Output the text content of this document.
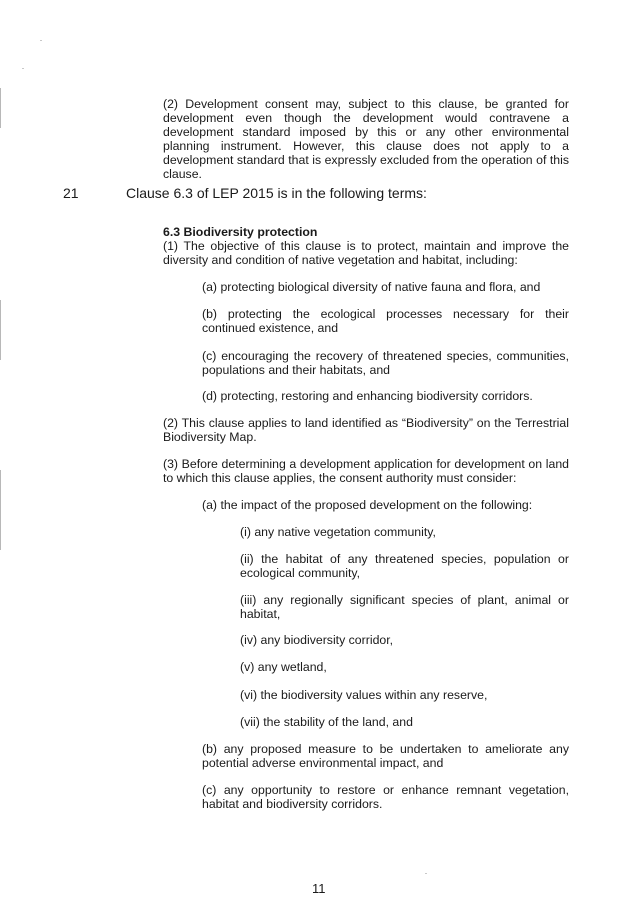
(2) Development consent may, subject to this clause, be granted for development even though the development would contravene a development standard imposed by this or any other environmental planning instrument. However, this clause does not apply to a development standard that is expressly excluded from the operation of this clause.

21	Clause 6.3 of LEP 2015 is in the following terms:

6.3 Biodiversity protection

(1) The objective of this clause is to protect, maintain and improve the diversity and condition of native vegetation and habitat, including:

(a) protecting biological diversity of native fauna and flora, and

(b) protecting the ecological processes necessary for their continued existence, and

(c) encouraging the recovery of threatened species, communities, populations and their habitats, and

(d) protecting, restoring and enhancing biodiversity corridors.

(2) This clause applies to land identified as “Biodiversity” on the Terrestrial Biodiversity Map.

(3) Before determining a development application for development on land to which this clause applies, the consent authority must consider:

(a) the impact of the proposed development on the following:

(i) any native vegetation community,

(ii) the habitat of any threatened species, population or ecological community,

(iii) any regionally significant species of plant, animal or habitat,

(iv) any biodiversity corridor,

(v) any wetland,

(vi) the biodiversity values within any reserve,

(vii) the stability of the land, and

(b) any proposed measure to be undertaken to ameliorate any potential adverse environmental impact, and

(c) any opportunity to restore or enhance remnant vegetation, habitat and biodiversity corridors.

11
